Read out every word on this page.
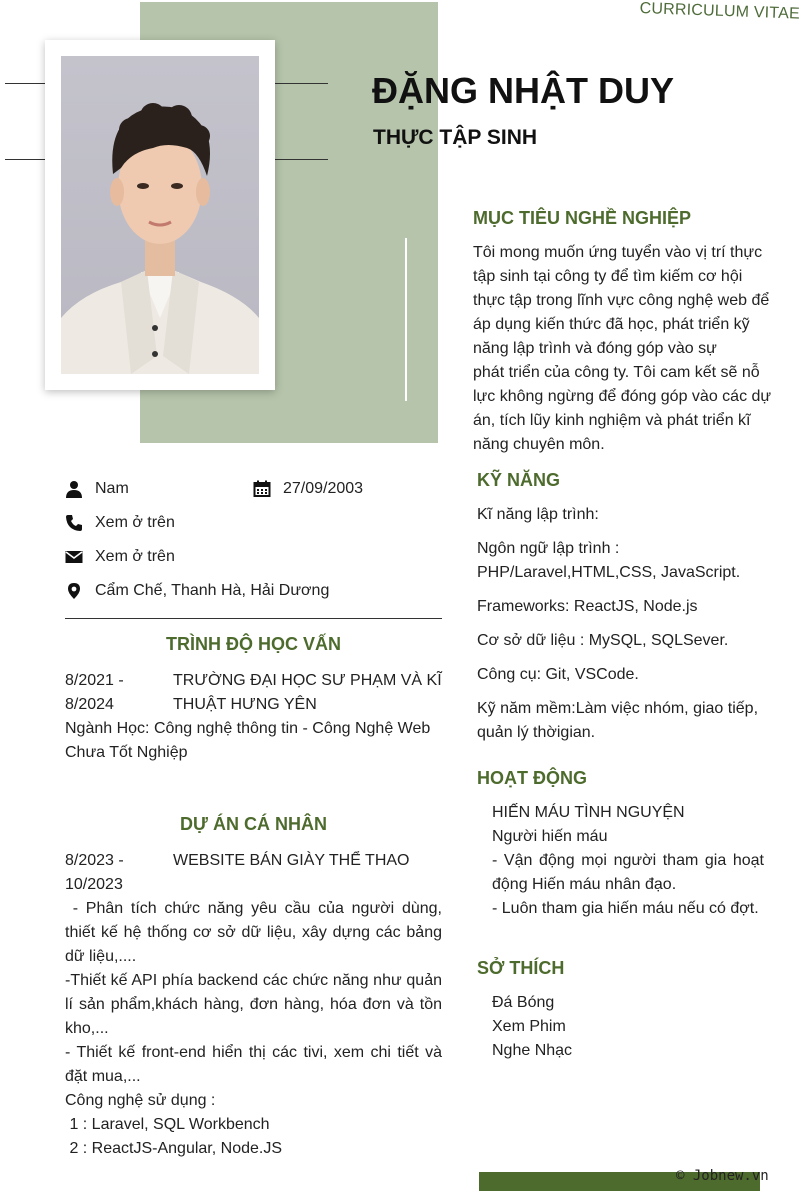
CURRICULUM VITAE
ĐẶNG NHẬT DUY
THỰC TẬP SINH
Nam	27/09/2003
Xem ở trên
Xem ở trên
Cẩm Chế, Thanh Hà, Hải Dương
TRÌNH ĐỘ HỌC VẤN
8/2021 -
8/2024
TRƯỜNG ĐẠI HỌC SƯ PHẠM VÀ KĨ
THUẬT HƯNG YÊN
Ngành Học: Công nghệ thông tin - Công Nghệ Web
Chưa Tốt Nghiệp
DỰ ÁN CÁ NHÂN
8/2023 -
10/2023
WEBSITE BÁN GIÀY THỂ THAO
- Phân tích chức năng yêu cầu của người dùng, thiết kế hệ thống cơ sở dữ liệu, xây dựng các bảng dữ liệu,....
-Thiết kế API phía backend các chức năng như quản lí sản phẩm,khách hàng, đơn hàng, hóa đơn và tồn kho,...
- Thiết kế front-end hiển thị các tivi, xem chi tiết và đặt mua,...
Công nghệ sử dụng :
1 : Laravel, SQL Workbench
2 : ReactJS-Angular, Node.JS
MỤC TIÊU NGHỀ NGHIỆP
Tôi mong muốn ứng tuyển vào vị trí thực
tập sinh tại công ty để tìm kiếm cơ hội
thực tập trong lĩnh vực công nghệ web để
áp dụng kiến thức đã học, phát triển kỹ
năng lập trình và đóng góp vào sự
phát triển của công ty. Tôi cam kết sẽ nỗ
lực không ngừng để đóng góp vào các dự
án, tích lũy kinh nghiệm và phát triển kĩ
năng chuyên môn.
KỸ NĂNG
Kĩ năng lập trình:
Ngôn ngữ lập trình : PHP/Laravel,HTML,CSS, JavaScript.
Frameworks: ReactJS, Node.js
Cơ sở dữ liệu : MySQL, SQLSever.
Công cụ: Git, VSCode.
Kỹ năm mềm:Làm việc nhóm, giao tiếp, quản lý thờigian.
HOẠT ĐỘNG
HIẾN MÁU TÌNH NGUYỆN
Người hiến máu
- Vận động mọi người tham gia hoạt động Hiến máu nhân đạo.
- Luôn tham gia hiến máu nếu có đợt.
SỞ THÍCH
Đá Bóng
Xem Phim
Nghe Nhạc
© Jobnew.vn
